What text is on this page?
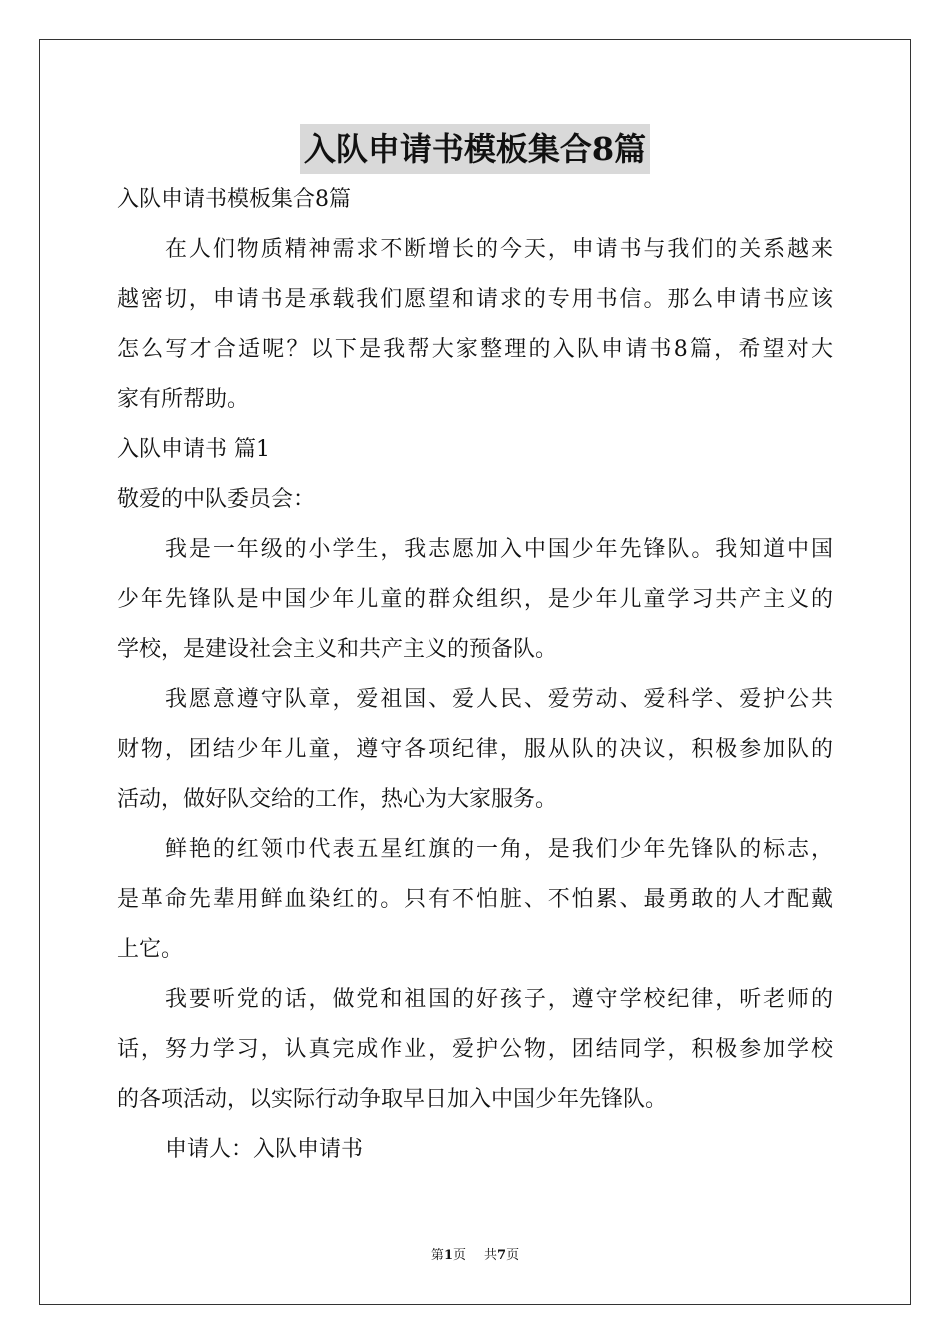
入队申请书模板集合8篇

入队申请书模板集合8篇

在人们物质精神需求不断增长的今天，申请书与我们的关系越来

越密切，申请书是承载我们愿望和请求的专用书信。那么申请书应该

怎么写才合适呢？以下是我帮大家整理的入队申请书8篇，希望对大

家有所帮助。

入队申请书 篇1

敬爱的中队委员会：

我是一年级的小学生，我志愿加入中国少年先锋队。我知道中国

少年先锋队是中国少年儿童的群众组织，是少年儿童学习共产主义的

学校，是建设社会主义和共产主义的预备队。

我愿意遵守队章，爱祖国、爱人民、爱劳动、爱科学、爱护公共

财物，团结少年儿童，遵守各项纪律，服从队的决议，积极参加队的

活动，做好队交给的工作，热心为大家服务。

鲜艳的红领巾代表五星红旗的一角，是我们少年先锋队的标志，

是革命先辈用鲜血染红的。只有不怕脏、不怕累、最勇敢的人才配戴

上它。

我要听党的话，做党和祖国的好孩子，遵守学校纪律，听老师的

话，努力学习，认真完成作业，爱护公物，团结同学，积极参加学校

的各项活动，以实际行动争取早日加入中国少年先锋队。

申请人：入队申请书

第1页 共7页
